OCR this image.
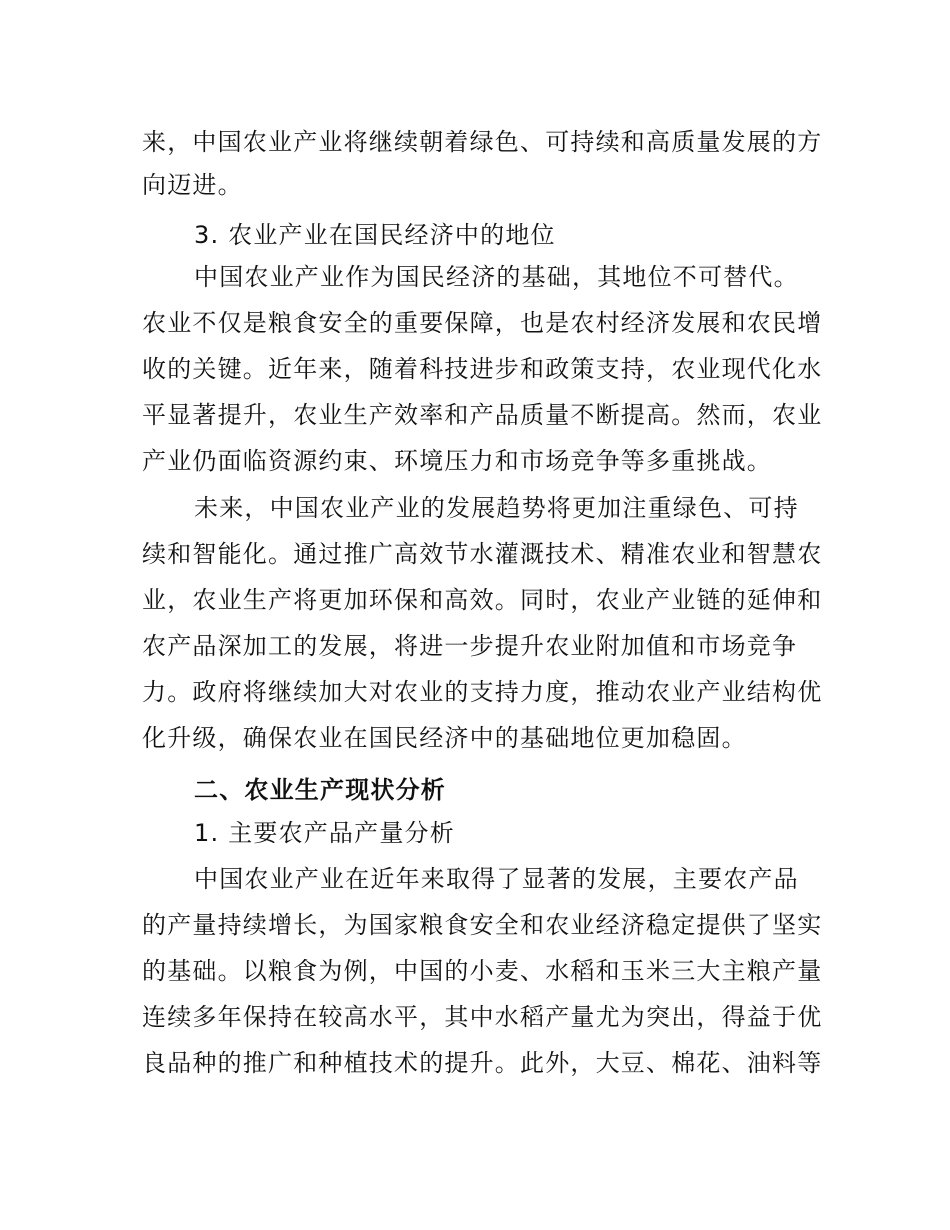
来，中国农业产业将继续朝着绿色、可持续和高质量发展的方
向迈进。
3. 农业产业在国民经济中的地位
中国农业产业作为国民经济的基础，其地位不可替代。
农业不仅是粮食安全的重要保障，也是农村经济发展和农民增
收的关键。近年来，随着科技进步和政策支持，农业现代化水
平显著提升，农业生产效率和产品质量不断提高。然而，农业
产业仍面临资源约束、环境压力和市场竞争等多重挑战。
未来，中国农业产业的发展趋势将更加注重绿色、可持
续和智能化。通过推广高效节水灌溉技术、精准农业和智慧农
业，农业生产将更加环保和高效。同时，农业产业链的延伸和
农产品深加工的发展，将进一步提升农业附加值和市场竞争
力。政府将继续加大对农业的支持力度，推动农业产业结构优
化升级，确保农业在国民经济中的基础地位更加稳固。
二、农业生产现状分析
1. 主要农产品产量分析
中国农业产业在近年来取得了显著的发展，主要农产品
的产量持续增长，为国家粮食安全和农业经济稳定提供了坚实
的基础。以粮食为例，中国的小麦、水稻和玉米三大主粮产量
连续多年保持在较高水平，其中水稻产量尤为突出，得益于优
良品种的推广和种植技术的提升。此外，大豆、棉花、油料等
